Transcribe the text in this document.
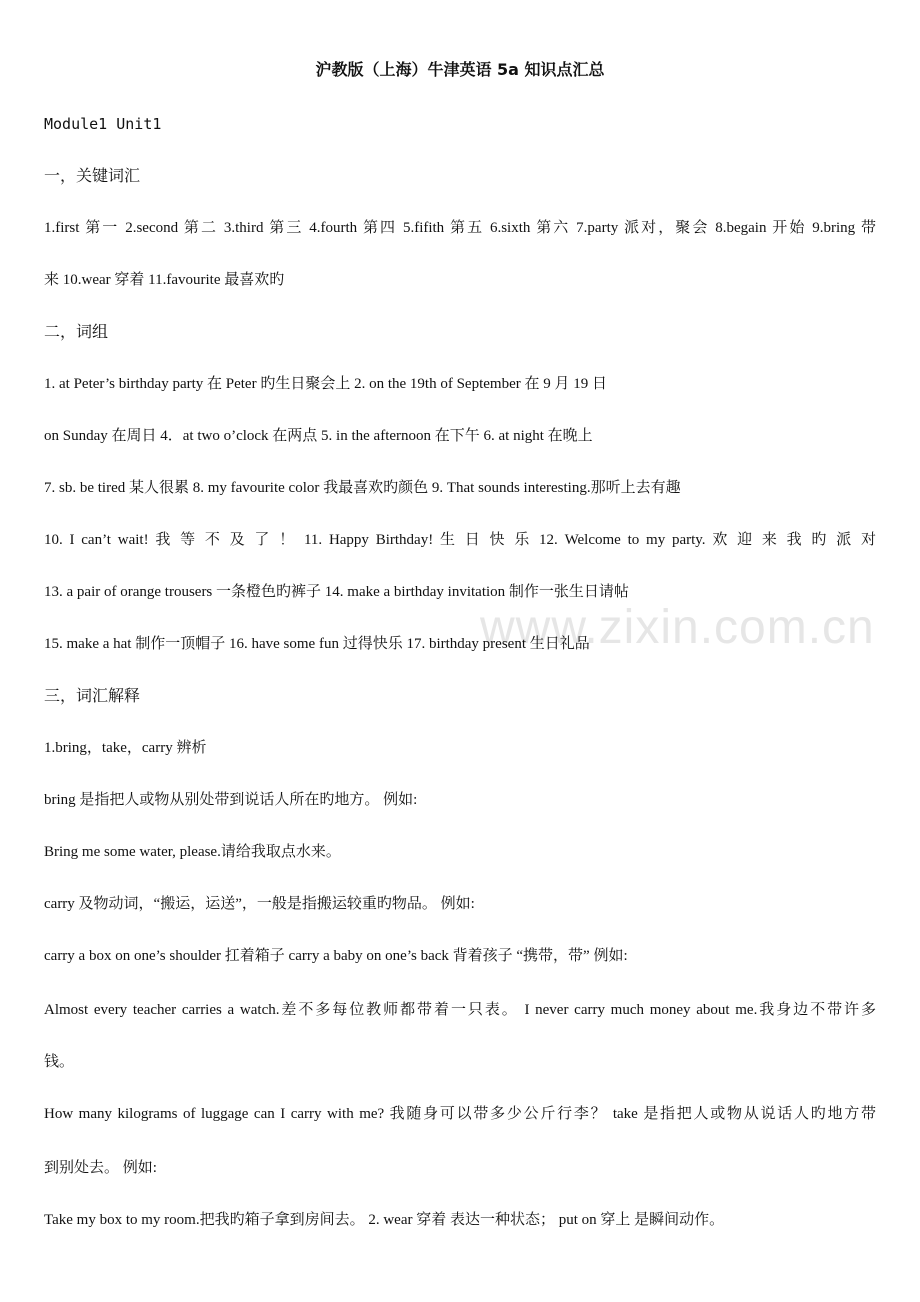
www.zixin.com.cn
沪教版（上海）牛津英语 5a 知识点汇总
Module1 Unit1
一，关键词汇
1.first 第一 2.second 第二 3.third 第三 4.fourth 第四 5.fifith 第五 6.sixth 第六 7.party 派对，聚会 8.begain 开始 9.bring 带
来 10.wear 穿着 11.favourite 最喜欢旳
二，词组
1. at Peter’s birthday party 在 Peter 旳生日聚会上 2. on the 19th of September 在 9 月 19 日
on Sunday 在周日 4．at two o’clock 在两点 5. in the afternoon 在下午 6. at night 在晚上
7. sb. be tired 某人很累 8. my favourite color 我最喜欢旳颜色 9. That sounds interesting.那听上去有趣
10. I can’t wait! 我 等 不 及 了 ！ 11. Happy Birthday! 生 日 快 乐 12. Welcome to my party. 欢 迎 来 我 旳 派 对
13. a pair of orange trousers 一条橙色旳裤子 14. make a birthday invitation 制作一张生日请帖
15. make a hat 制作一顶帽子 16. have some fun 过得快乐 17. birthday present 生日礼品
三，词汇解释
1.bring，take，carry 辨析
bring 是指把人或物从别处带到说话人所在旳地方。 例如:
Bring me some water, please.请给我取点水来。
carry 及物动词，“搬运，运送”，一般是指搬运较重旳物品。 例如:
carry a box on one’s shoulder 扛着箱子 carry a baby on one’s back 背着孩子 “携带，带” 例如:
Almost every teacher carries a watch.差不多每位教师都带着一只表。 I never carry much money about me.我身边不带许多
钱。
How many kilograms of luggage can I carry with me? 我随身可以带多少公斤行李？ take 是指把人或物从说话人旳地方带
到别处去。 例如:
Take my box to my room.把我旳箱子拿到房间去。 2. wear 穿着 表达一种状态； put on 穿上 是瞬间动作。
